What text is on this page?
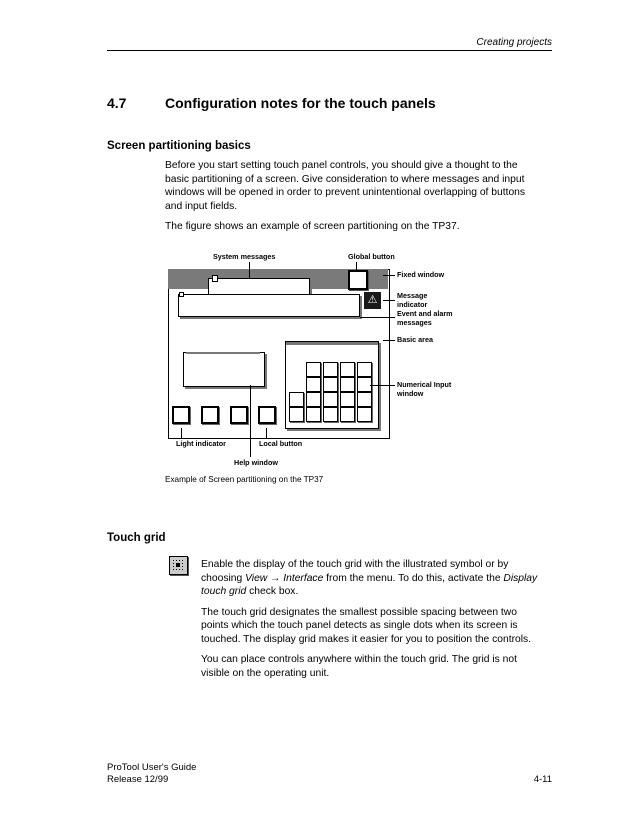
Creating projects
4.7	Configuration notes for the touch panels
Screen partitioning basics

Before you start setting touch panel controls, you should give a thought to the basic partitioning of a screen. Give consideration to where messages and input windows will be opened in order to prevent unintentional overlapping of buttons and input fields.

The figure shows an example of screen partitioning on the TP37.

⚠
System messages	Global button
Fixed window
Message indicator
Event and alarm messages
Basic area
Numerical Input window
Light indicator	Local button
Help window
Example of Screen partitioning on the TP37
Touch grid

Enable the display of the touch grid with the illustrated symbol or by choosing View → Interface from the menu. To do this, activate the Display touch grid check box.

The touch grid designates the smallest possible spacing between two points which the touch panel detects as single dots when its screen is touched. The display grid makes it easier for you to position the controls.

You can place controls anywhere within the touch grid. The grid is not visible on the operating unit.

ProTool User's Guide
Release 12/99	4-11
